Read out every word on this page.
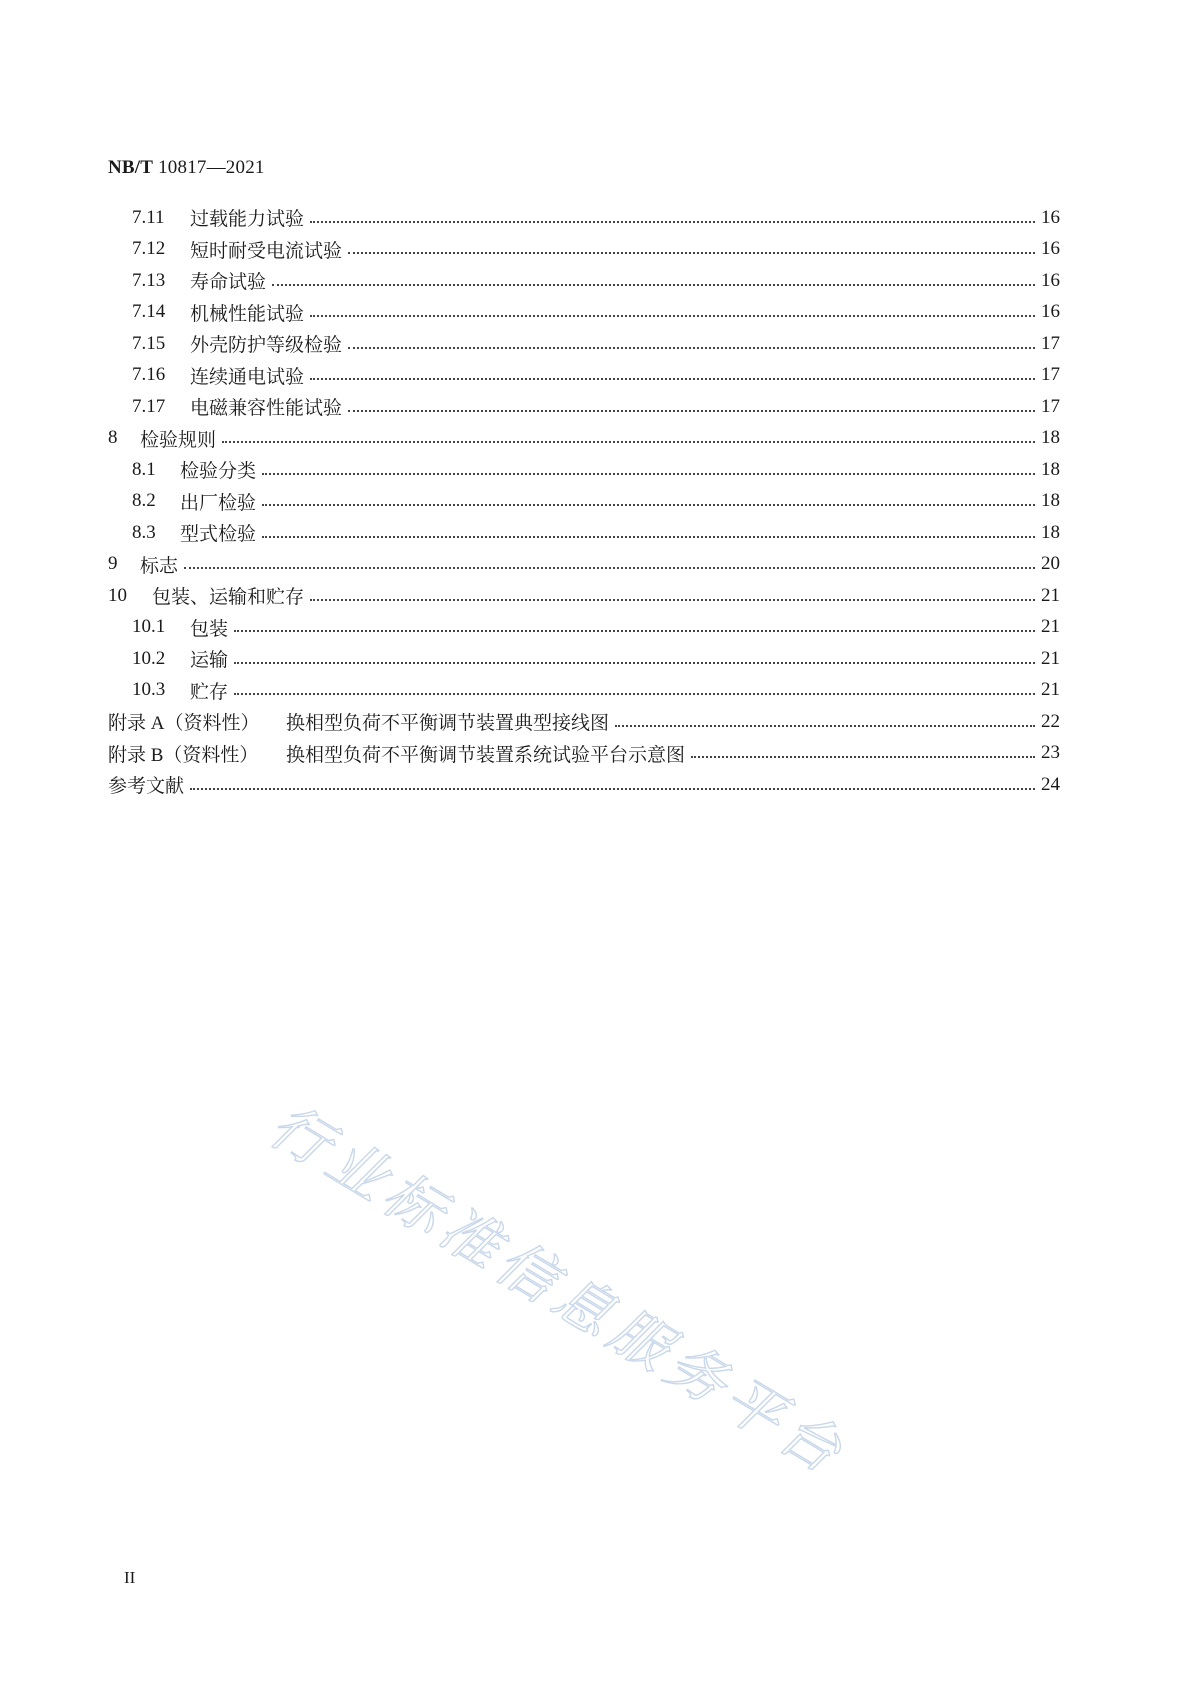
NB/T 10817—2021
7.11	过载能力试验	16
7.12	短时耐受电流试验	16
7.13	寿命试验	16
7.14	机械性能试验	16
7.15	外壳防护等级检验	17
7.16	连续通电试验	17
7.17	电磁兼容性能试验	17
8	检验规则	18
8.1	检验分类	18
8.2	出厂检验	18
8.3	型式检验	18
9	标志	20
10	包装、运输和贮存	21
10.1	包装	21
10.2	运输	21
10.3	贮存	21
附录 A（资料性）	换相型负荷不平衡调节装置典型接线图	22
附录 B（资料性）	换相型负荷不平衡调节装置系统试验平台示意图	23
参考文献	24
行业标准信息服务平台
II
